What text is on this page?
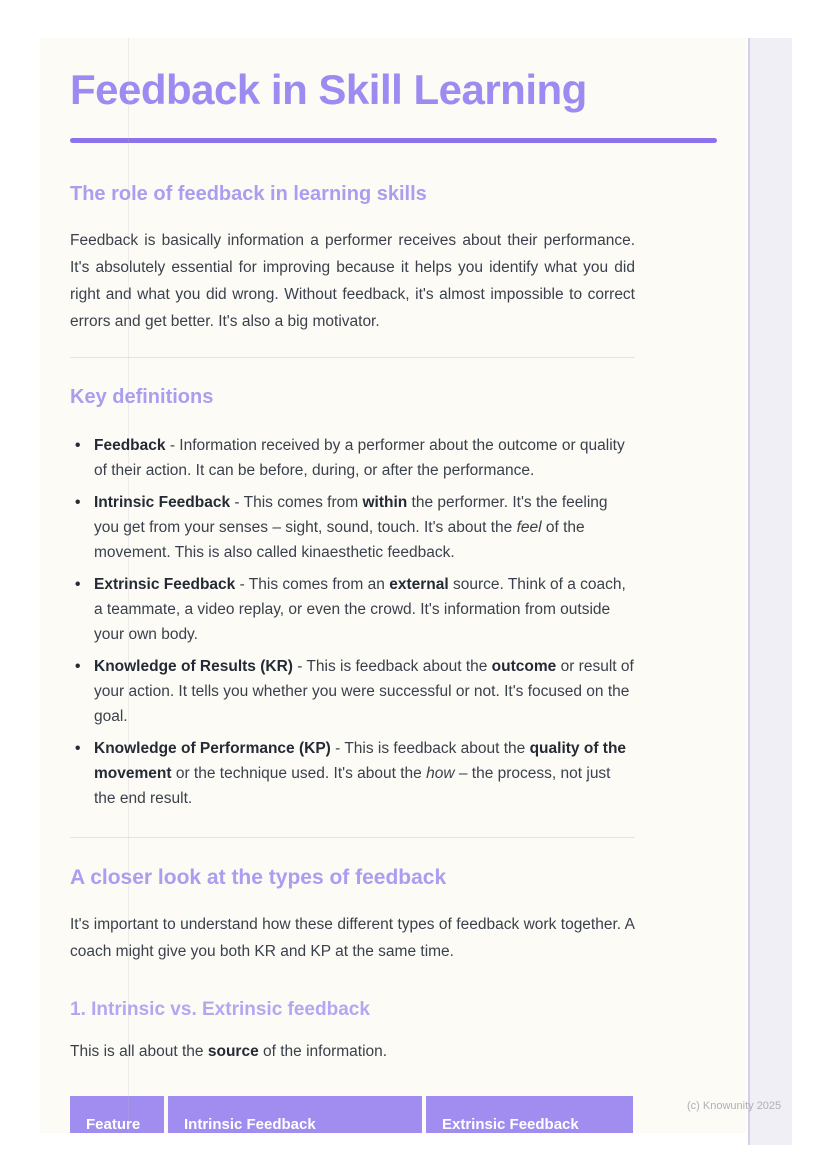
Feedback in Skill Learning
The role of feedback in learning skills

Feedback is basically information a performer receives about their performance. It's absolutely essential for improving because it helps you identify what you did right and what you did wrong. Without feedback, it's almost impossible to correct errors and get better. It's also a big motivator.

Key definitions
• Feedback - Information received by a performer about the outcome or quality of their action. It can be before, during, or after the performance.
• Intrinsic Feedback - This comes from within the performer. It's the feeling you get from your senses – sight, sound, touch. It's about the feel of the movement. This is also called kinaesthetic feedback.
• Extrinsic Feedback - This comes from an external source. Think of a coach, a teammate, a video replay, or even the crowd. It's information from outside your own body.
• Knowledge of Results (KR) - This is feedback about the outcome or result of your action. It tells you whether you were successful or not. It's focused on the goal.
• Knowledge of Performance (KP) - This is feedback about the quality of the movement or the technique used. It's about the how – the process, not just the end result.
A closer look at the types of feedback

It's important to understand how these different types of feedback work together. A coach might give you both KR and KP at the same time.

1. Intrinsic vs. Extrinsic feedback

This is all about the source of the information.

Feature	Intrinsic Feedback	Extrinsic Feedback
(c) Knowunity 2025
